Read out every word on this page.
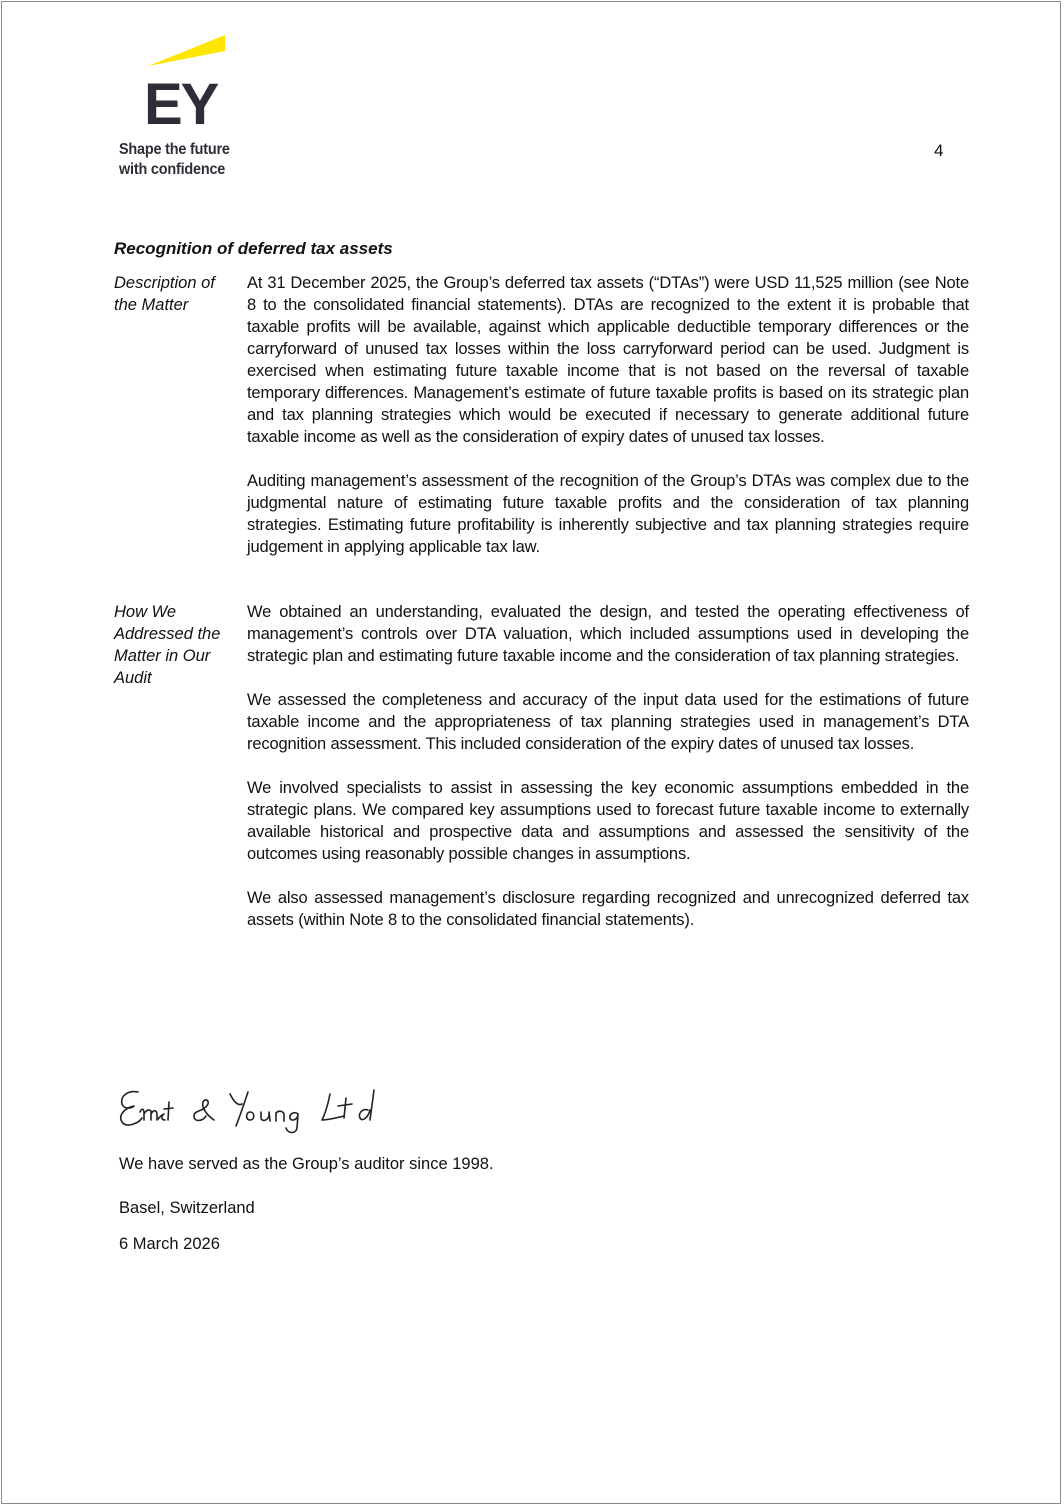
EY
Shape the future
with confidence
4
Recognition of deferred tax assets
Description of
the Matter

At 31 December 2025, the Group’s deferred tax assets (“DTAs”) were USD 11,525 million (see Note 8 to the consolidated financial statements). DTAs are recognized to the extent it is probable that taxable profits will be available, against which applicable deductible temporary differences or the carryforward of unused tax losses within the loss carryforward period can be used. Judgment is exercised when estimating future taxable income that is not based on the reversal of taxable temporary differences. Management’s estimate of future taxable profits is based on its strategic plan and tax planning strategies which would be executed if necessary to generate additional future taxable income as well as the consideration of expiry dates of unused tax losses.

Auditing management’s assessment of the recognition of the Group’s DTAs was complex due to the judgmental nature of estimating future taxable profits and the consideration of tax planning strategies. Estimating future profitability is inherently subjective and tax planning strategies require judgement in applying applicable tax law.

How We
Addressed the
Matter in Our
Audit

We obtained an understanding, evaluated the design, and tested the operating effectiveness of management’s controls over DTA valuation, which included assumptions used in developing the strategic plan and estimating future taxable income and the consideration of tax planning strategies.

We assessed the completeness and accuracy of the input data used for the estimations of future taxable income and the appropriateness of tax planning strategies used in management’s DTA recognition assessment. This included consideration of the expiry dates of unused tax losses.

We involved specialists to assist in assessing the key economic assumptions embedded in the strategic plans. We compared key assumptions used to forecast future taxable income to externally available historical and prospective data and assumptions and assessed the sensitivity of the outcomes using reasonably possible changes in assumptions.

We also assessed management’s disclosure regarding recognized and unrecognized deferred tax assets (within Note 8 to the consolidated financial statements).

We have served as the Group’s auditor since 1998.
Basel, Switzerland
6 March 2026
